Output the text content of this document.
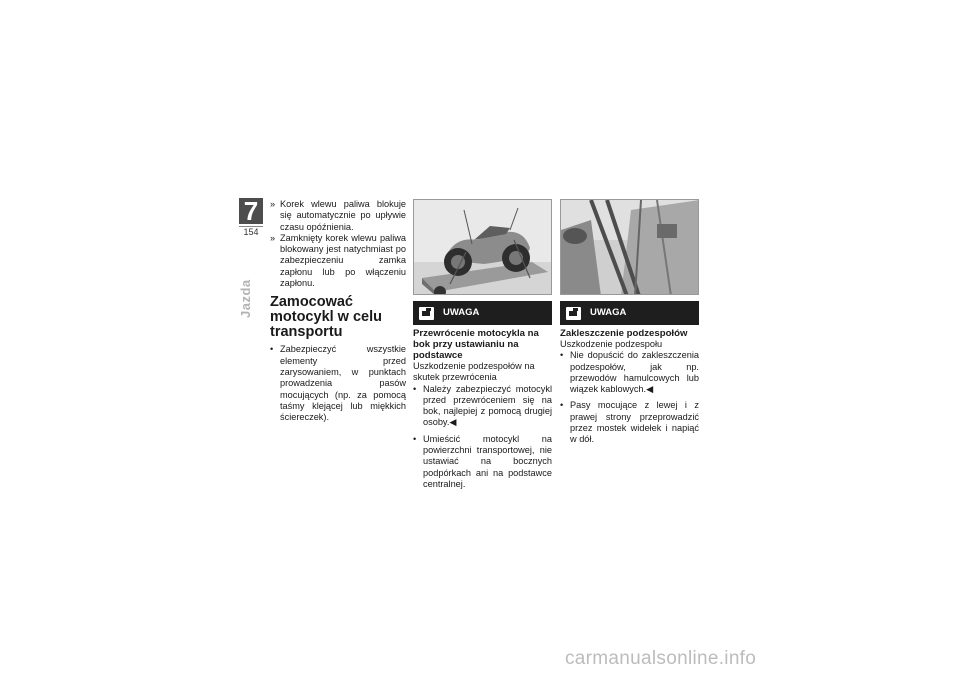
7
154
Jazda
» Korek wlewu paliwa blokuje się automatycznie po upływie czasu opóźnienia.
» Zamknięty korek wlewu paliwa blokowany jest natychmiast po zabezpieczeniu zamka zapłonu lub po włączeniu zapłonu.
Zamocować motocykl w celu transportu
• Zabezpieczyć wszystkie elementy przed zarysowaniem, w punktach prowadzenia pasów mocujących (np. za pomocą taśmy klejącej lub miękkich ściereczek).
UWAGA
Przewrócenie motocykla na bok przy ustawianiu na podstawce
Uszkodzenie podzespołów na skutek przewrócenia
• Należy zabezpieczyć motocykl przed przewróceniem się na bok, najlepiej z pomocą drugiej osoby.◀
• Umieścić motocykl na powierzchni transportowej, nie ustawiać na bocznych podpórkach ani na podstawce centralnej.
UWAGA
Zakleszczenie podzespołów
Uszkodzenie podzespołu
• Nie dopuścić do zakleszczenia podzespołów, jak np. przewodów hamulcowych lub wiązek kablowych.◀
• Pasy mocujące z lewej i z prawej strony przeprowadzić przez mostek widełek i napiąć w dół.
carmanualsonline.info
